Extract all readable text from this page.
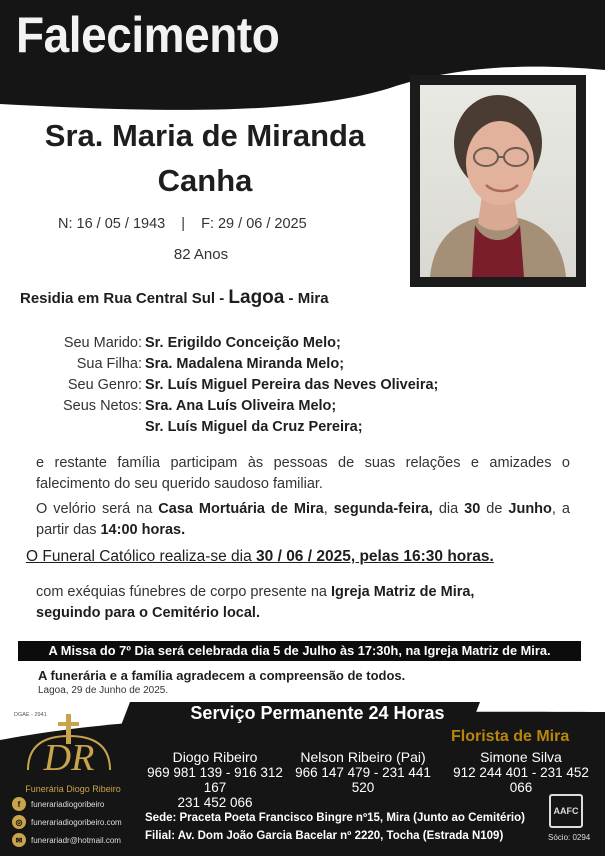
Falecimento
Sra. Maria de Miranda
Canha
N: 16 / 05 / 1943 | F: 29 / 06 / 2025
82 Anos
Residia em Rua Central Sul - Lagoa - Mira
Seu Marido: Sr. Erigildo Conceição Melo;
Sua Filha: Sra. Madalena Miranda Melo;
Seu Genro: Sr. Luís Miguel Pereira das Neves Oliveira;
Seus Netos: Sra. Ana Luís Oliveira Melo;
Sr. Luís Miguel da Cruz Pereira;
e restante família participam às pessoas de suas relações e amizades o falecimento do seu querido saudoso familiar.
O velório será na Casa Mortuária de Mira, segunda-feira, dia 30 de Junho, a partir das 14:00 horas.
O Funeral Católico realiza-se dia 30 / 06 / 2025, pelas 16:30 horas.
com exéquias fúnebres de corpo presente na Igreja Matriz de Mira,
seguindo para o Cemitério local.
A Missa do 7º Dia será celebrada dia 5 de Julho às 17:30h, na Igreja Matriz de Mira.
A funerária e a família agradecem a compreensão de todos.
Lagoa, 29 de Junho de 2025.
DGAE - 2941	Serviço Permanente 24 Horas
DR
Funerária Diogo Ribeiro
Florista de Mira
Diogo Ribeiro
969 981 139 - 916 312 167
231 452 066
Nelson Ribeiro (Pai)
966 147 479 - 231 441 520
Simone Silva
912 244 401 - 231 452 066
f	funerariadiogoribeiro
◎	funerariadiogoribeiro.com
✉	funerariadr@hotmail.com
Sede: Praceta Poeta Francisco Bingre nº15, Mira (Junto ao Cemitério)
Filial: Av. Dom João Garcia Bacelar nº 2220, Tocha (Estrada N109)
AAFC
Sócio: 0294
